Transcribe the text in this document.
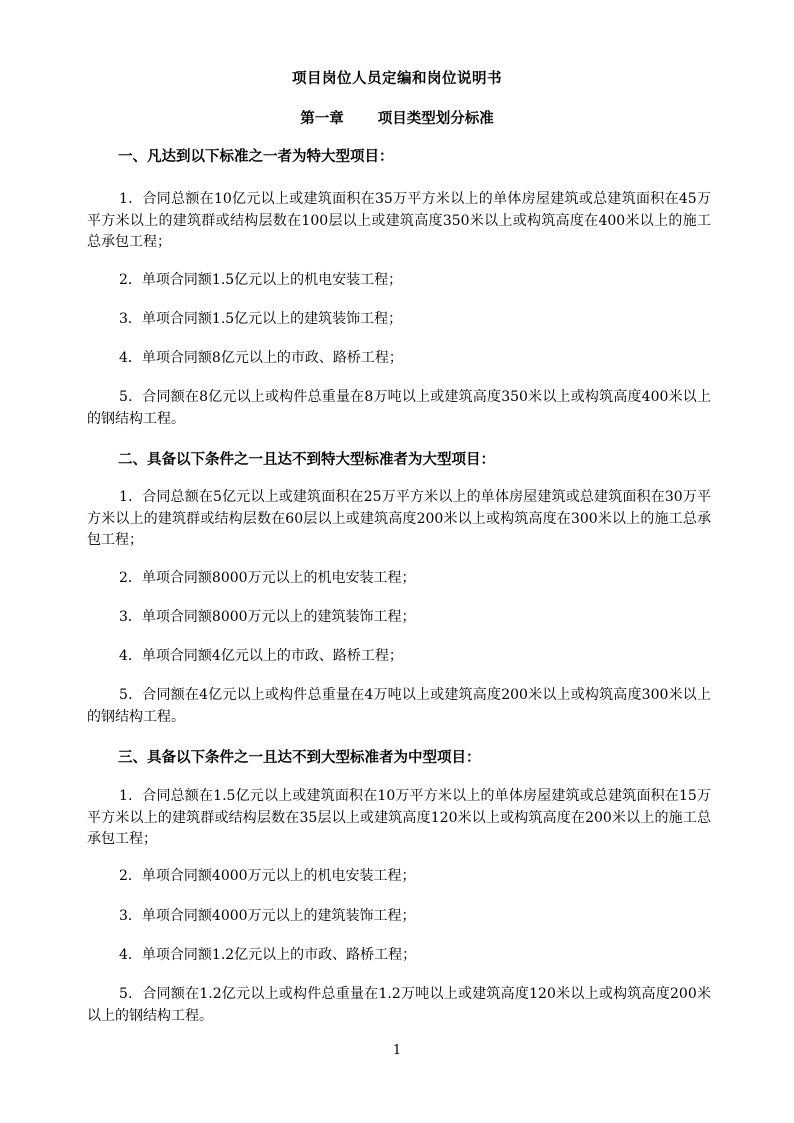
项目岗位人员定编和岗位说明书
第一章 项目类型划分标准
一、凡达到以下标准之一者为特大型项目：
1．合同总额在10亿元以上或建筑面积在35万平方米以上的单体房屋建筑或总建筑面积在45万平方米以上的建筑群或结构层数在100层以上或建筑高度350米以上或构筑高度在400米以上的施工总承包工程；
2．单项合同额1.5亿元以上的机电安装工程；
3．单项合同额1.5亿元以上的建筑装饰工程；
4．单项合同额8亿元以上的市政、路桥工程；
5．合同额在8亿元以上或构件总重量在8万吨以上或建筑高度350米以上或构筑高度400米以上的钢结构工程。
二、具备以下条件之一且达不到特大型标准者为大型项目：
1．合同总额在5亿元以上或建筑面积在25万平方米以上的单体房屋建筑或总建筑面积在30万平方米以上的建筑群或结构层数在60层以上或建筑高度200米以上或构筑高度在300米以上的施工总承包工程；
2．单项合同额8000万元以上的机电安装工程；
3．单项合同额8000万元以上的建筑装饰工程；
4．单项合同额4亿元以上的市政、路桥工程；
5．合同额在4亿元以上或构件总重量在4万吨以上或建筑高度200米以上或构筑高度300米以上的钢结构工程。
三、具备以下条件之一且达不到大型标准者为中型项目：
1．合同总额在1.5亿元以上或建筑面积在10万平方米以上的单体房屋建筑或总建筑面积在15万平方米以上的建筑群或结构层数在35层以上或建筑高度120米以上或构筑高度在200米以上的施工总承包工程；
2．单项合同额4000万元以上的机电安装工程；
3．单项合同额4000万元以上的建筑装饰工程；
4．单项合同额1.2亿元以上的市政、路桥工程；
5．合同额在1.2亿元以上或构件总重量在1.2万吨以上或建筑高度120米以上或构筑高度200米以上的钢结构工程。
1
